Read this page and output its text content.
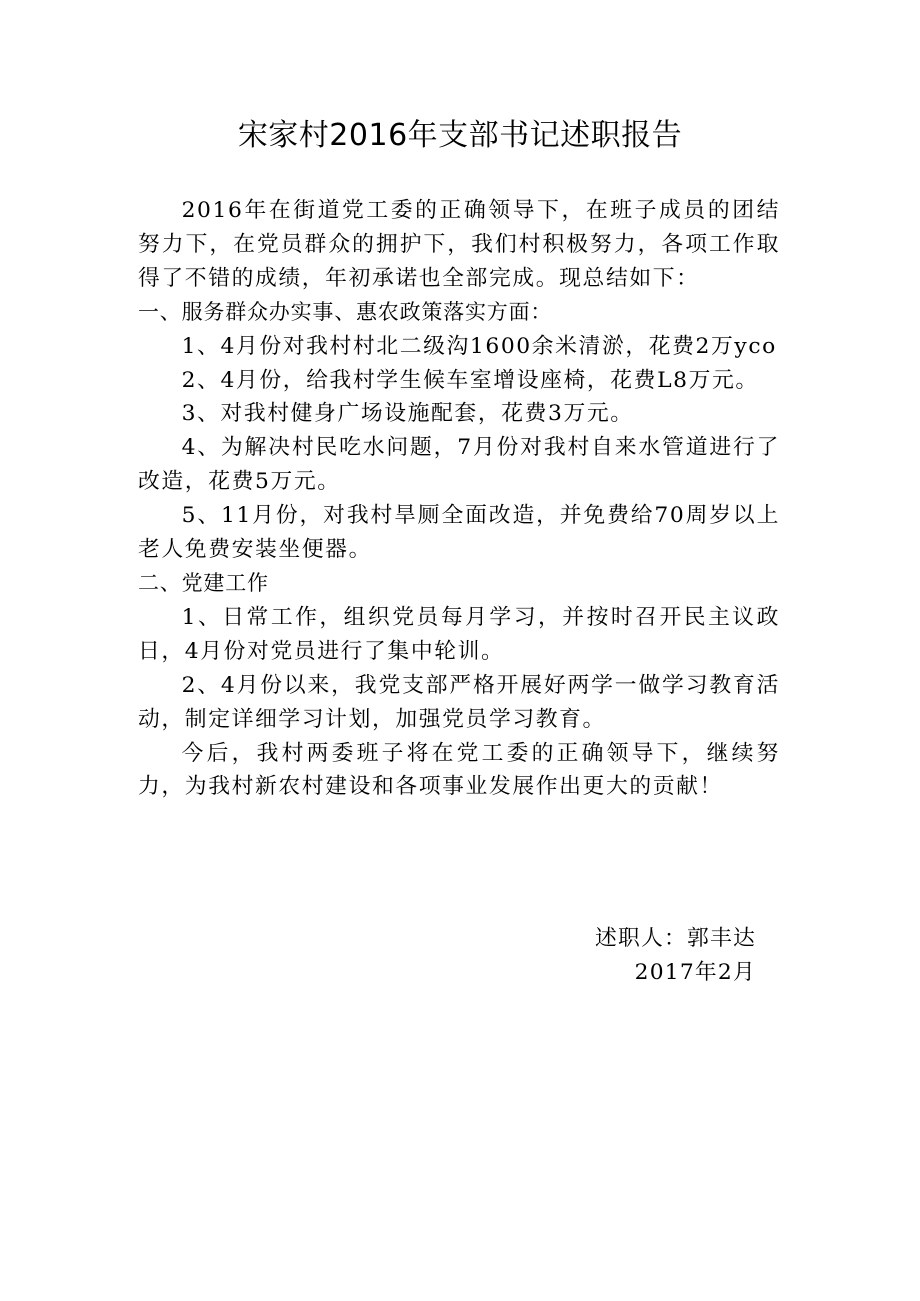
宋家村2016年支部书记述职报告

2016年在街道党工委的正确领导下，在班子成员的团结努力下，在党员群众的拥护下，我们村积极努力，各项工作取得了不错的成绩，年初承诺也全部完成。现总结如下：

一、服务群众办实事、惠农政策落实方面：

1、4月份对我村村北二级沟1600余米清淤，花费2万yco

2、4月份，给我村学生候车室增设座椅，花费L8万元。

3、对我村健身广场设施配套，花费3万元。

4、为解决村民吃水问题，7月份对我村自来水管道进行了改造，花费5万元。

5、11月份，对我村旱厕全面改造，并免费给70周岁以上老人免费安装坐便器。

二、党建工作

1、日常工作，组织党员每月学习，并按时召开民主议政日，4月份对党员进行了集中轮训。

2、4月份以来，我党支部严格开展好两学一做学习教育活动，制定详细学习计划，加强党员学习教育。

今后，我村两委班子将在党工委的正确领导下，继续努力，为我村新农村建设和各项事业发展作出更大的贡献！

述职人：郭丰达

2017年2月
